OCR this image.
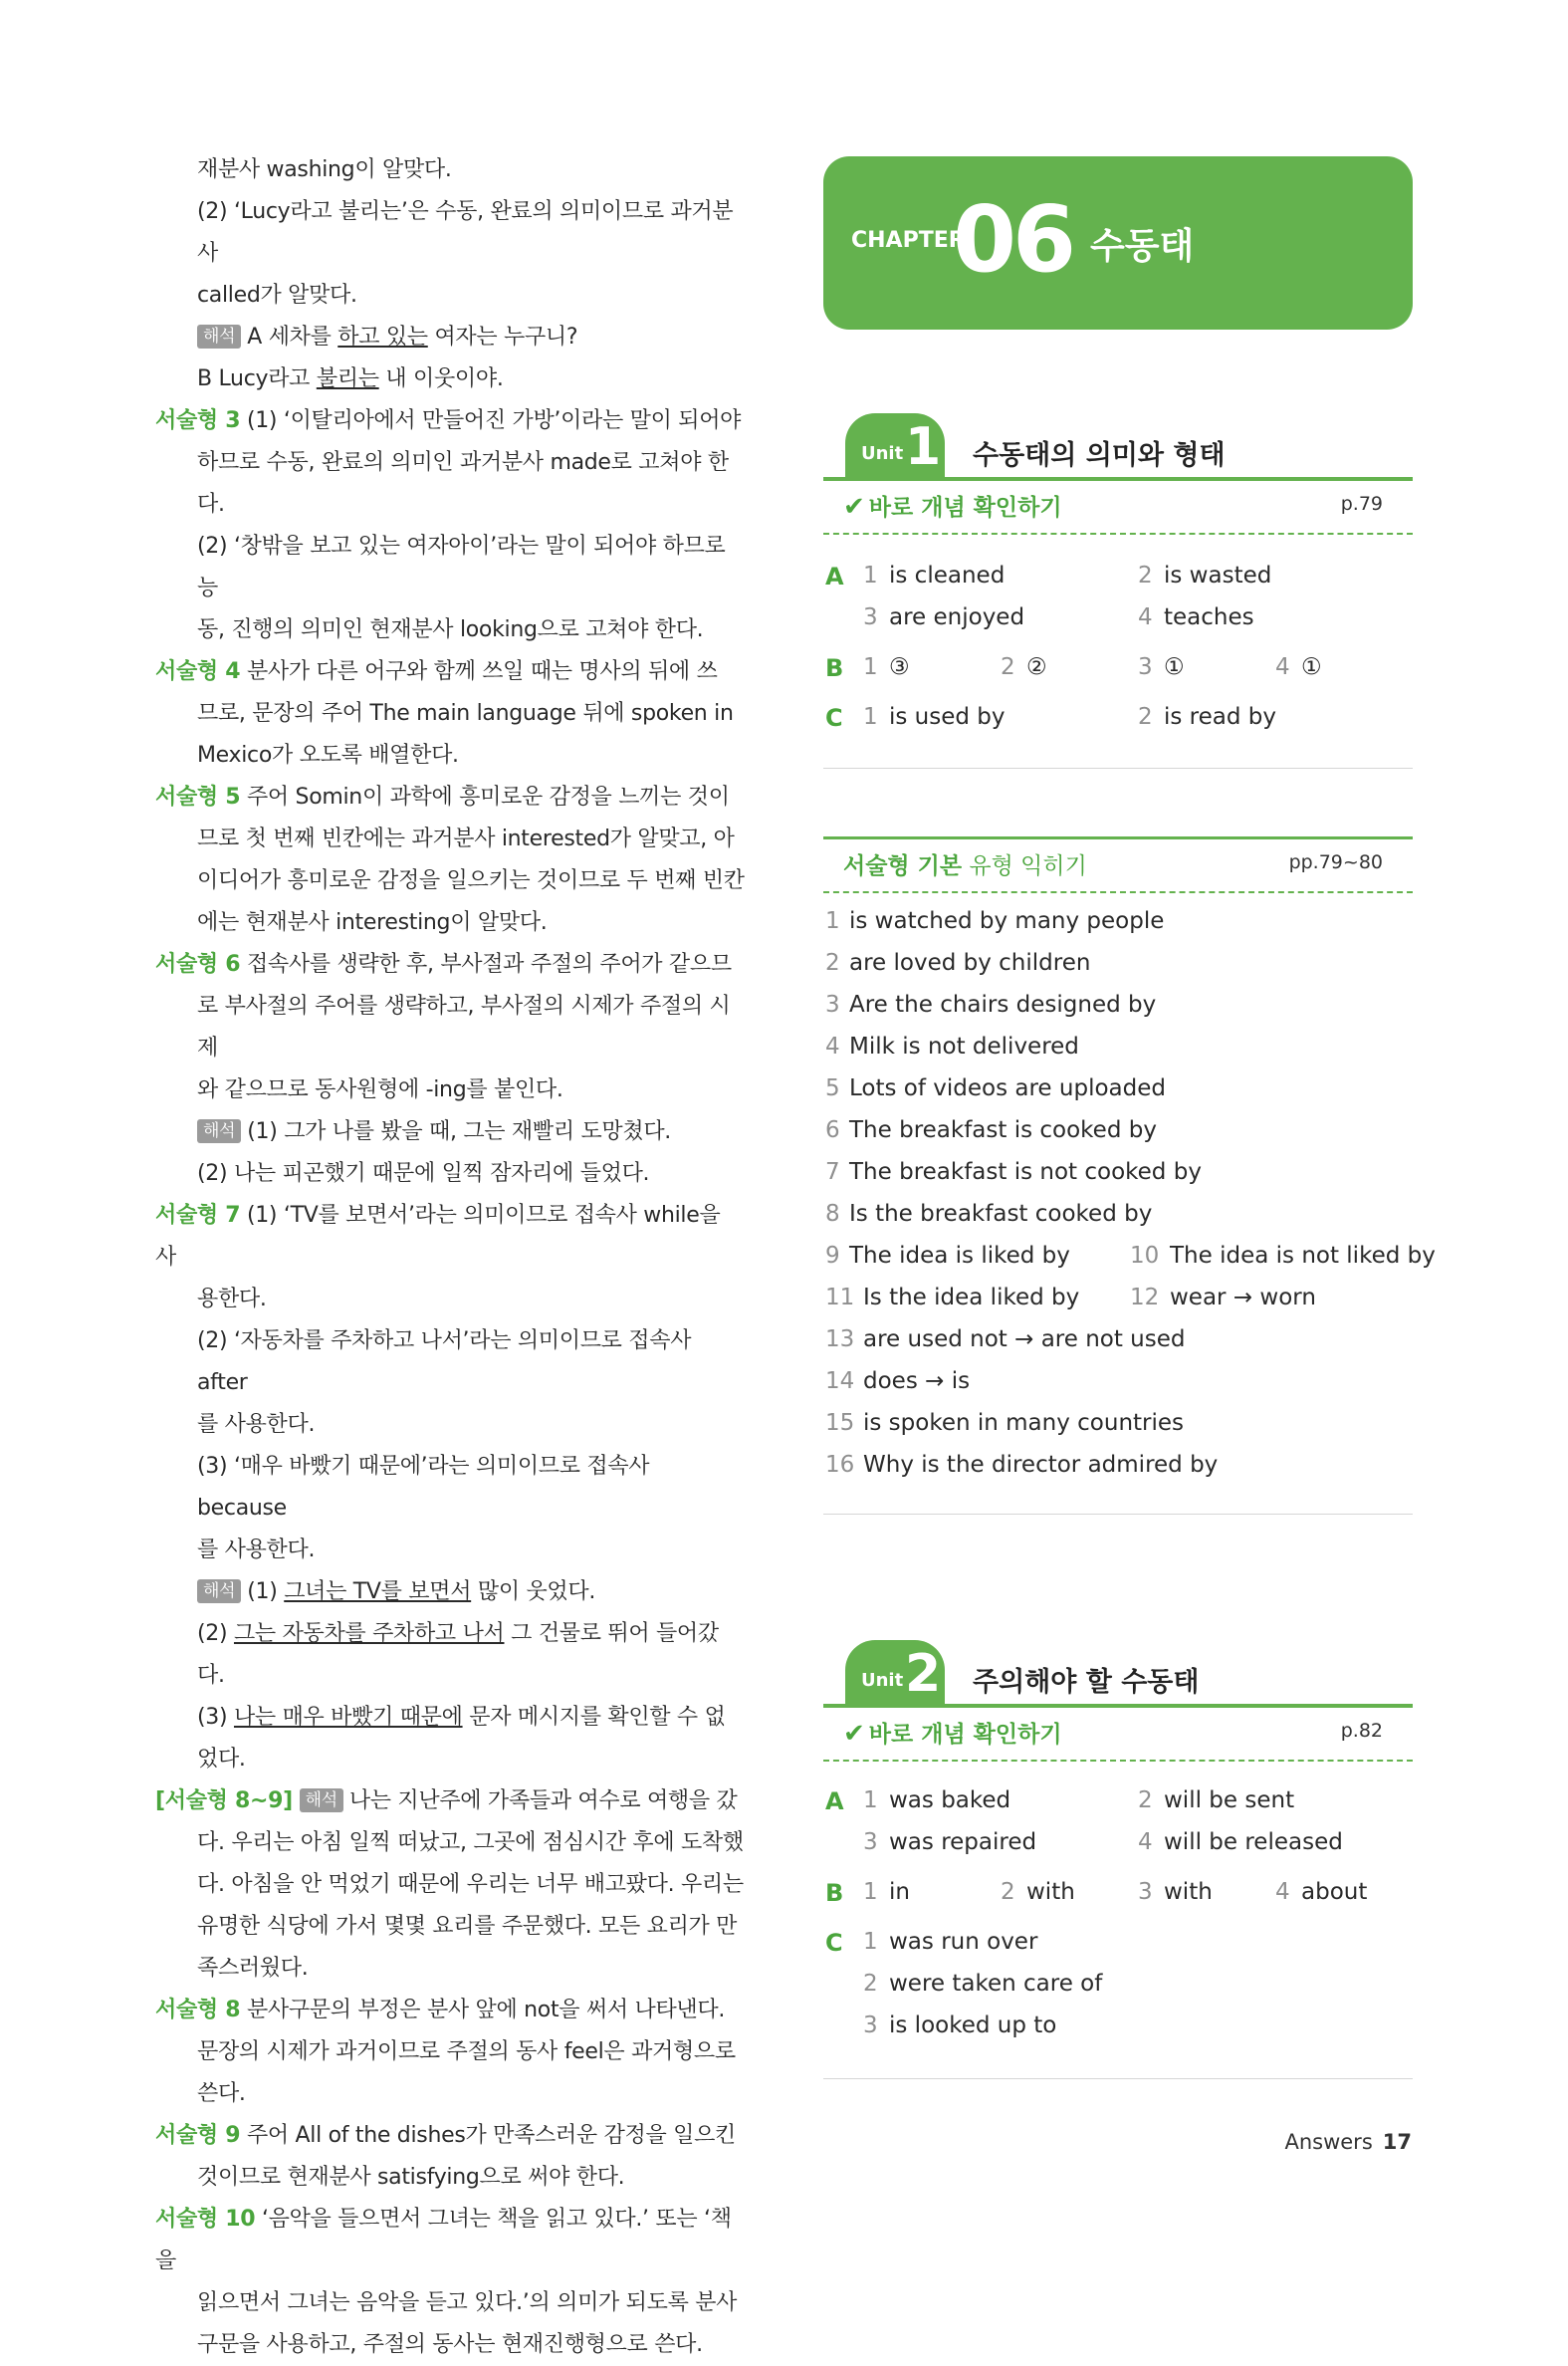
재분사 washing이 알맞다.
(2) ‘Lucy라고 불리는’은 수동, 완료의 의미이므로 과거분사
called가 알맞다.
해석 A 세차를 하고 있는 여자는 누구니?
B Lucy라고 불리는 내 이웃이야.
서술형 3 (1) ‘이탈리아에서 만들어진 가방’이라는 말이 되어야
하므로 수동, 완료의 의미인 과거분사 made로 고쳐야 한다.
(2) ‘창밖을 보고 있는 여자아이’라는 말이 되어야 하므로 능
동, 진행의 의미인 현재분사 looking으로 고쳐야 한다.
서술형 4 분사가 다른 어구와 함께 쓰일 때는 명사의 뒤에 쓰
므로, 문장의 주어 The main language 뒤에 spoken in
Mexico가 오도록 배열한다.
서술형 5 주어 Somin이 과학에 흥미로운 감정을 느끼는 것이
므로 첫 번째 빈칸에는 과거분사 interested가 알맞고, 아
이디어가 흥미로운 감정을 일으키는 것이므로 두 번째 빈칸
에는 현재분사 interesting이 알맞다.
서술형 6 접속사를 생략한 후, 부사절과 주절의 주어가 같으므
로 부사절의 주어를 생략하고, 부사절의 시제가 주절의 시제
와 같으므로 동사원형에 -ing를 붙인다.
해석 (1) 그가 나를 봤을 때, 그는 재빨리 도망쳤다.
(2) 나는 피곤했기 때문에 일찍 잠자리에 들었다.
서술형 7 (1) ‘TV를 보면서’라는 의미이므로 접속사 while을 사
용한다.
(2) ‘자동차를 주차하고 나서’라는 의미이므로 접속사 after
를 사용한다.
(3) ‘매우 바빴기 때문에’라는 의미이므로 접속사 because
를 사용한다.
해석 (1) 그녀는 TV를 보면서 많이 웃었다.
(2) 그는 자동차를 주차하고 나서 그 건물로 뛰어 들어갔다.
(3) 나는 매우 바빴기 때문에 문자 메시지를 확인할 수 없었다.
[서술형 8~9] 해석 나는 지난주에 가족들과 여수로 여행을 갔
다. 우리는 아침 일찍 떠났고, 그곳에 점심시간 후에 도착했
다. 아침을 안 먹었기 때문에 우리는 너무 배고팠다. 우리는
유명한 식당에 가서 몇몇 요리를 주문했다. 모든 요리가 만
족스러웠다.
서술형 8 분사구문의 부정은 분사 앞에 not을 써서 나타낸다.
문장의 시제가 과거이므로 주절의 동사 feel은 과거형으로
쓴다.
서술형 9 주어 All of the dishes가 만족스러운 감정을 일으킨
것이므로 현재분사 satisfying으로 써야 한다.
서술형 10 ‘음악을 들으면서 그녀는 책을 읽고 있다.’ 또는 ‘책을
읽으면서 그녀는 음악을 듣고 있다.’의 의미가 되도록 분사
구문을 사용하고, 주절의 동사는 현재진행형으로 쓴다.
CHAPTER
06 수동태
Unit 1 수동태의 의미와 형태
✔ 바로 개념 확인하기	p.79
A 1 is cleaned	2 is wasted
3 are enjoyed	4 teaches
B 1 ③	2 ②	3 ①	4 ①
C 1 is used by	2 is read by
서술형 기본 유형 익히기	pp.79~80
1 is watched by many people
2 are loved by children
3 Are the chairs designed by
4 Milk is not delivered
5 Lots of videos are uploaded
6 The breakfast is cooked by
7 The breakfast is not cooked by
8 Is the breakfast cooked by
9 The idea is liked by	10 The idea is not liked by
11 Is the idea liked by 12 wear → worn
13 are used not → are not used
14 does → is
15 is spoken in many countries
16 Why is the director admired by
Unit 2 주의해야 할 수동태
✔ 바로 개념 확인하기	p.82
A 1 was baked	2 will be sent
3 was repaired	4 will be released
B 1 in	2 with	3 with	4 about
C 1 was run over
2 were taken care of
3 is looked up to
Answers 17
